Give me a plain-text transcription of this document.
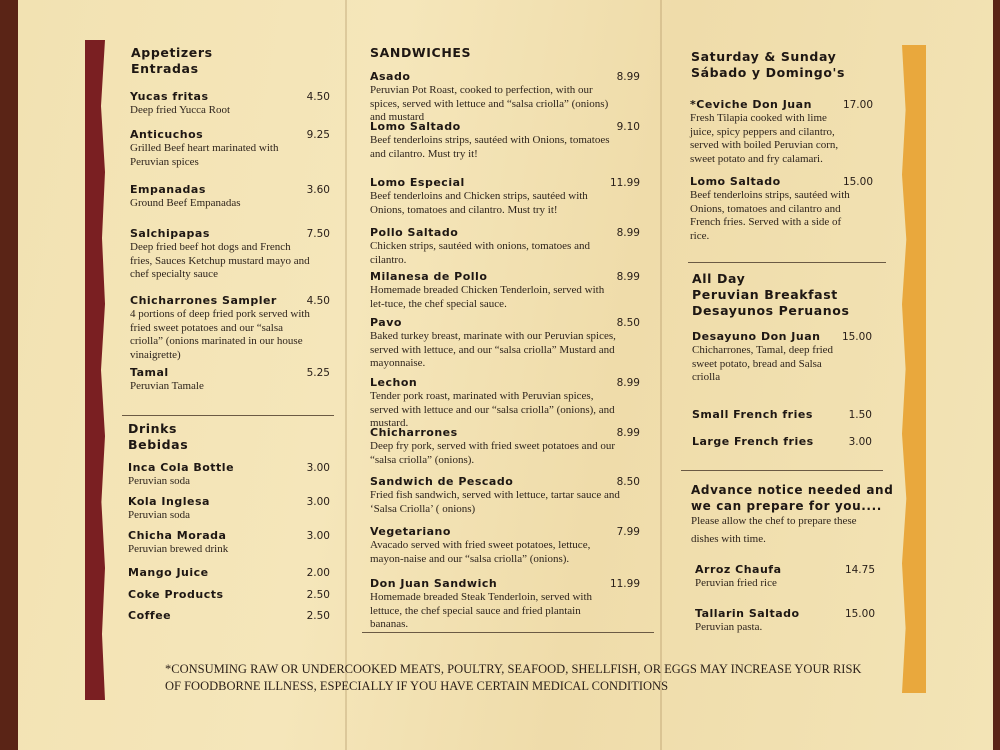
Appetizers
Entradas
Drinks
Bebidas
SANDWICHES	Saturday & Sunday
Sábado y Domingo's
All Day
Peruvian Breakfast
Desayunos Peruanos
Advance notice needed and
we can prepare for you....
Please allow the chef to prepare these dishes with time.
*CONSUMING RAW OR UNDERCOOKED MEATS, POULTRY, SEAFOOD, SHELLFISH, OR EGGS MAY INCREASE YOUR RISK OF FOODBORNE ILLNESS, ESPECIALLY IF YOU HAVE CERTAIN MEDICAL CONDITIONS
Yucas fritas	4.50
Deep fried Yucca Root
Anticuchos	9.25
Grilled Beef heart marinated with Peruvian spices
Empanadas	3.60
Ground Beef Empanadas
Salchipapas	7.50
Deep fried beef hot dogs and French fries, Sauces Ketchup mustard mayo and chef specialty sauce
Chicharrones Sampler	4.50
4 portions of deep fried pork served with fried sweet potatoes and our “salsa criolla” (onions marinated in our house vinaigrette)
Tamal	5.25
Peruvian Tamale
Inca Cola Bottle	3.00
Peruvian soda
Kola Inglesa	3.00
Peruvian soda
Chicha Morada	3.00
Peruvian brewed drink
Mango Juice	2.00
Coke Products	2.50
Coffee	2.50
Asado	8.99
Peruvian Pot Roast, cooked to perfection, with our spices, served with lettuce and “salsa criolla” (onions) and mustard
Lomo Saltado	9.10
Beef tenderloins strips, sautéed with Onions, tomatoes and cilantro. Must try it!
Lomo Especial	11.99
Beef tenderloins and Chicken strips, sautéed with Onions, tomatoes and cilantro. Must try it!
Pollo Saltado	8.99
Chicken strips, sautéed with onions, tomatoes and cilantro.
Milanesa de Pollo	8.99
Homemade breaded Chicken Tenderloin, served with let-tuce, the chef special sauce.
Pavo	8.50
Baked turkey breast, marinate with our Peruvian spices, served with lettuce, and our “salsa criolla” Mustard and mayonnaise.
Lechon	8.99
Tender pork roast, marinated with Peruvian spices, served with lettuce and our “salsa criolla” (onions), and mustard.
Chicharrones	8.99
Deep fry pork, served with fried sweet potatoes and our “salsa criolla” (onions).
Sandwich de Pescado	8.50
Fried fish sandwich, served with lettuce, tartar sauce and ‘Salsa Criolla’ ( onions)
Vegetariano	7.99
Avacado served with fried sweet potatoes, lettuce, mayon-naise and our “salsa criolla” (onions).
Don Juan Sandwich	11.99
Homemade breaded Steak Tenderloin, served with lettuce, the chef special sauce and fried plantain bananas.
*Ceviche Don Juan	17.00
Fresh Tilapia cooked with lime juice, spicy peppers and cilantro, served with boiled Peruvian corn, sweet potato and fry calamari.
Lomo Saltado	15.00
Beef tenderloins strips, sautéed with Onions, tomatoes and cilantro and French fries. Served with a side of rice.
Desayuno Don Juan	15.00
Chicharrones, Tamal, deep fried sweet potato, bread and Salsa criolla
Small French fries	1.50
Large French fries	3.00
Arroz Chaufa	14.75
Peruvian fried rice
Tallarin Saltado	15.00
Peruvian pasta.
